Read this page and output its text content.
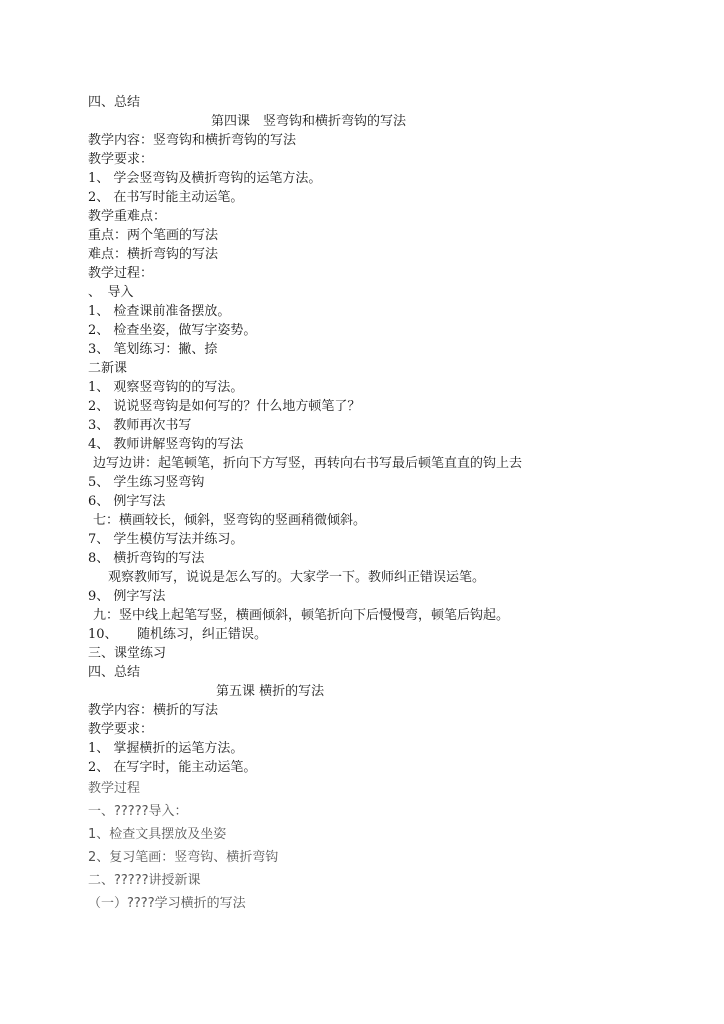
四、总结
第四课　竖弯钩和横折弯钩的写法
教学内容：竖弯钩和横折弯钩的写法
教学要求：
1、 学会竖弯钩及横折弯钩的运笔方法。
2、 在书写时能主动运笔。
教学重难点：
重点：两个笔画的写法
难点：横折弯钩的写法
教学过程：
、　导入
1、 检查课前准备摆放。
2、 检查坐姿，做写字姿势。
3、 笔划练习：撇、捺
二新课
1、 观察竖弯钩的的写法。
2、 说说竖弯钩是如何写的？什么地方顿笔了？
3、 教师再次书写
4、 教师讲解竖弯钩的写法
边写边讲：起笔顿笔，折向下方写竖，再转向右书写最后顿笔直直的钩上去
5、 学生练习竖弯钩
6、 例字写法
七：横画较长，倾斜，竖弯钩的竖画稍微倾斜。
7、 学生模仿写法并练习。
8、 横折弯钩的写法
观察教师写，说说是怎么写的。大家学一下。教师纠正错误运笔。
9、 例字写法
九：竖中线上起笔写竖，横画倾斜，顿笔折向下后慢慢弯，顿笔后钩起。
10、　　随机练习，纠正错误。
三、课堂练习
四、总结
第五课 横折的写法
教学内容：横折的写法
教学要求：
1、 掌握横折的运笔方法。
2、 在写字时，能主动运笔。
教学过程
一、?????导入：
1、检查文具摆放及坐姿
2、复习笔画：竖弯钩、横折弯钩
二、?????讲授新课
（一）????学习横折的写法
